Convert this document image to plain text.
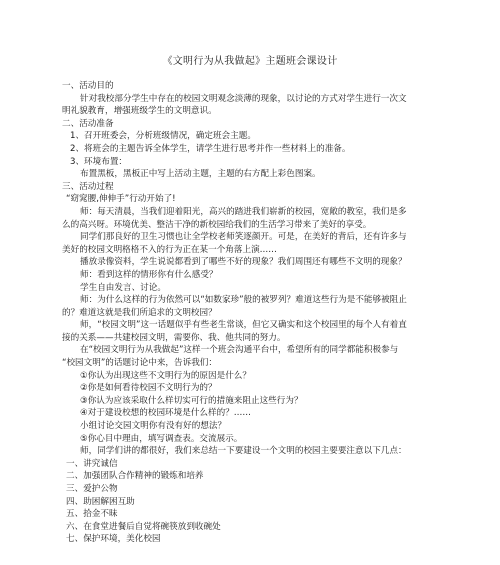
《文明行为从我做起》主题班会课设计
一、活动目的
针对我校部分学生中存在的校园文明观念淡薄的现象，以讨论的方式对学生进行一次文
明礼貌教育，增强班级学生的文明意识。
二、活动准备
1、召开班委会，分析班级情况，确定班会主题。
2、将班会的主题告诉全体学生，请学生进行思考并作一些材料上的准备。
3、环境布置：
布置黑板，黑板正中写上活动主题，主题的右方配上彩色图案。
三、活动过程
“窈窕腰,伸伸手”行动开始了!
师：每天清晨，当我们迎着阳光，高兴的踏进我们崭新的校园，宽敞的教室，我们是多
么的高兴呀。环境优美、整洁干净的新校园给我们的生活学习带来了美好的享受。
同学们那良好的卫生习惯也让全学校老师笑逐颜开。可是，在美好的背后，还有许多与
美好的校园文明格格不入的行为正在某一个角落上演……
播放录像资料，学生说说都看到了哪些不好的现象？我们周围还有哪些不文明的现象？
师：看到这样的情形你有什么感受？
学生自由发言、讨论。
师：为什么这样的行为依然可以“如数家珍”般的被罗列？难道这些行为是不能够被阻止
的？难道这就是我们所追求的文明校园？
师，“校园文明”这一话题似乎有些老生常谈，但它又确实和这个校园里的每个人有着直
接的关系——共建校园文明，需要你、我、他共同的努力。
在“校园文明行为从我做起”这样一个班会沟通平台中，希望所有的同学都能积极参与
“校园文明”的话题讨论中来，告诉我们：
①你认为出现这些不文明行为的原因是什么？
②你是如何看待校园不文明行为的？
③你认为应该采取什么样切实可行的措施来阻止这些行为？
④对于建设校想的校园环境是什么样的？……
小组讨论交园文明你有没有好的想法？
⑤你心目中理由，填写调查表。交流展示。
师，同学们讲的都很好，我们来总结一下要建设一个文明的校园主要要注意以下几点：
一、讲究诚信
二、加强团队合作精神的锻炼和培养
三、爱护公物
四、助困解困互助
五、拾金不昧
六、在食堂进餐后自觉将碗筷放到收碗处
七、保护环境，美化校园
